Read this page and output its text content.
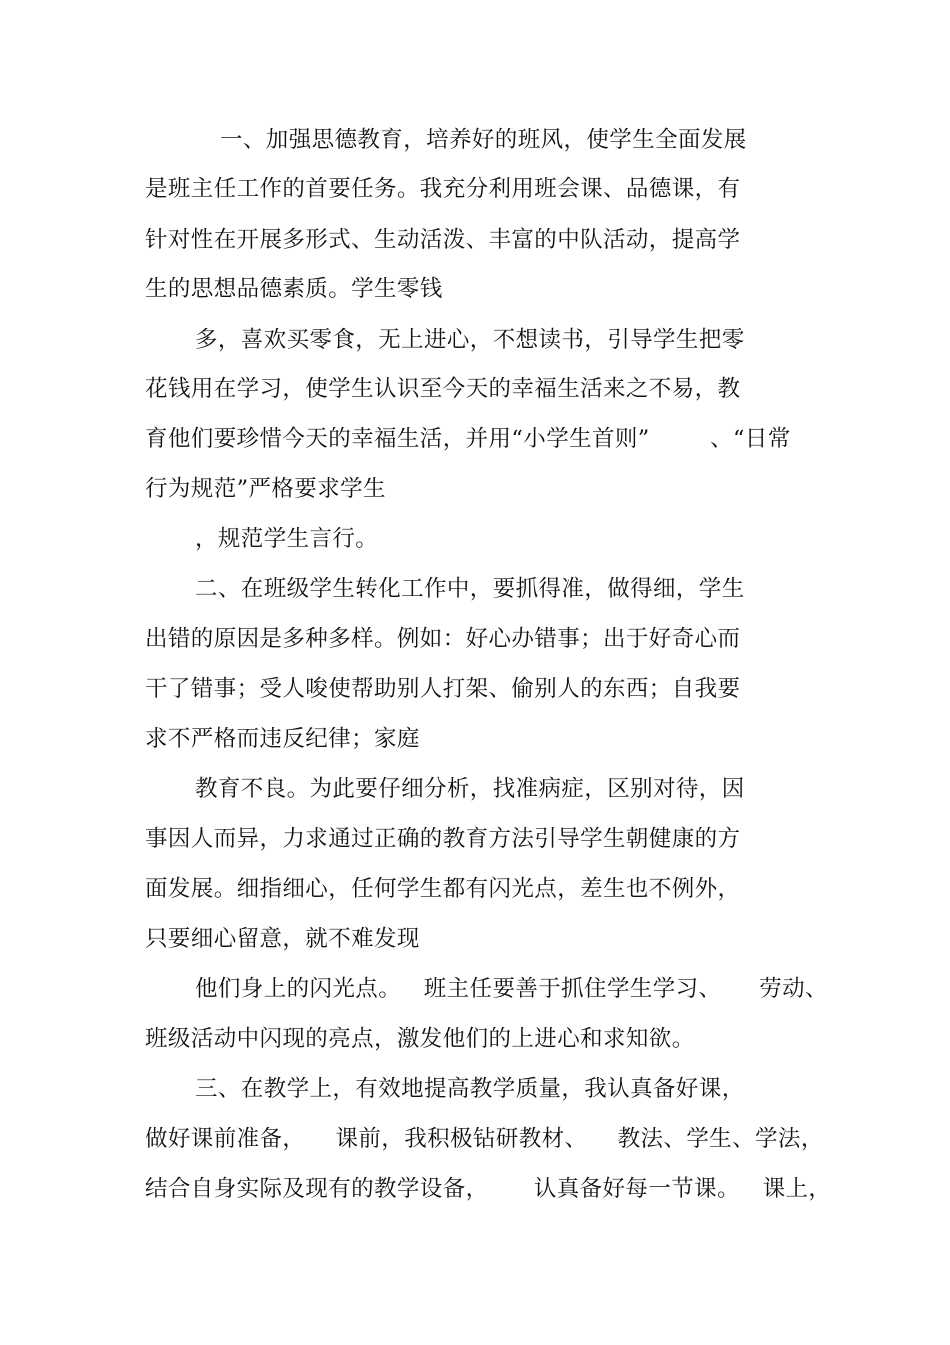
一、加强思德教育，培养好的班风，使学生全面发展
是班主任工作的首要任务。我充分利用班会课、品德课，有
针对性在开展多形式、生动活泼、丰富的中队活动，提高学
生的思想品德素质。学生零钱
多，喜欢买零食，无上进心，不想读书，引导学生把零
花钱用在学习，使学生认识至今天的幸福生活来之不易，教
育他们要珍惜今天的幸福生活，并用“小学生首则”        、“日常
行为规范”严格要求学生
，规范学生言行。
二、在班级学生转化工作中，要抓得准，做得细，学生
出错的原因是多种多样。例如：好心办错事；出于好奇心而
干了错事；受人唆使帮助别人打架、偷别人的东西；自我要
求不严格而违反纪律；家庭
教育不良。为此要仔细分析，找准病症，区别对待，因
事因人而异，力求通过正确的教育方法引导学生朝健康的方
面发展。细指细心，任何学生都有闪光点，差生也不例外，
只要细心留意，就不难发现
他们身上的闪光点。   班主任要善于抓住学生学习、     劳动、
班级活动中闪现的亮点，激发他们的上进心和求知欲。
三、在教学上，有效地提高教学质量，我认真备好课，
做好课前准备，    课前，我积极钻研教材、    教法、学生、学法，
结合自身实际及现有的教学设备，      认真备好每一节课。   课上，
